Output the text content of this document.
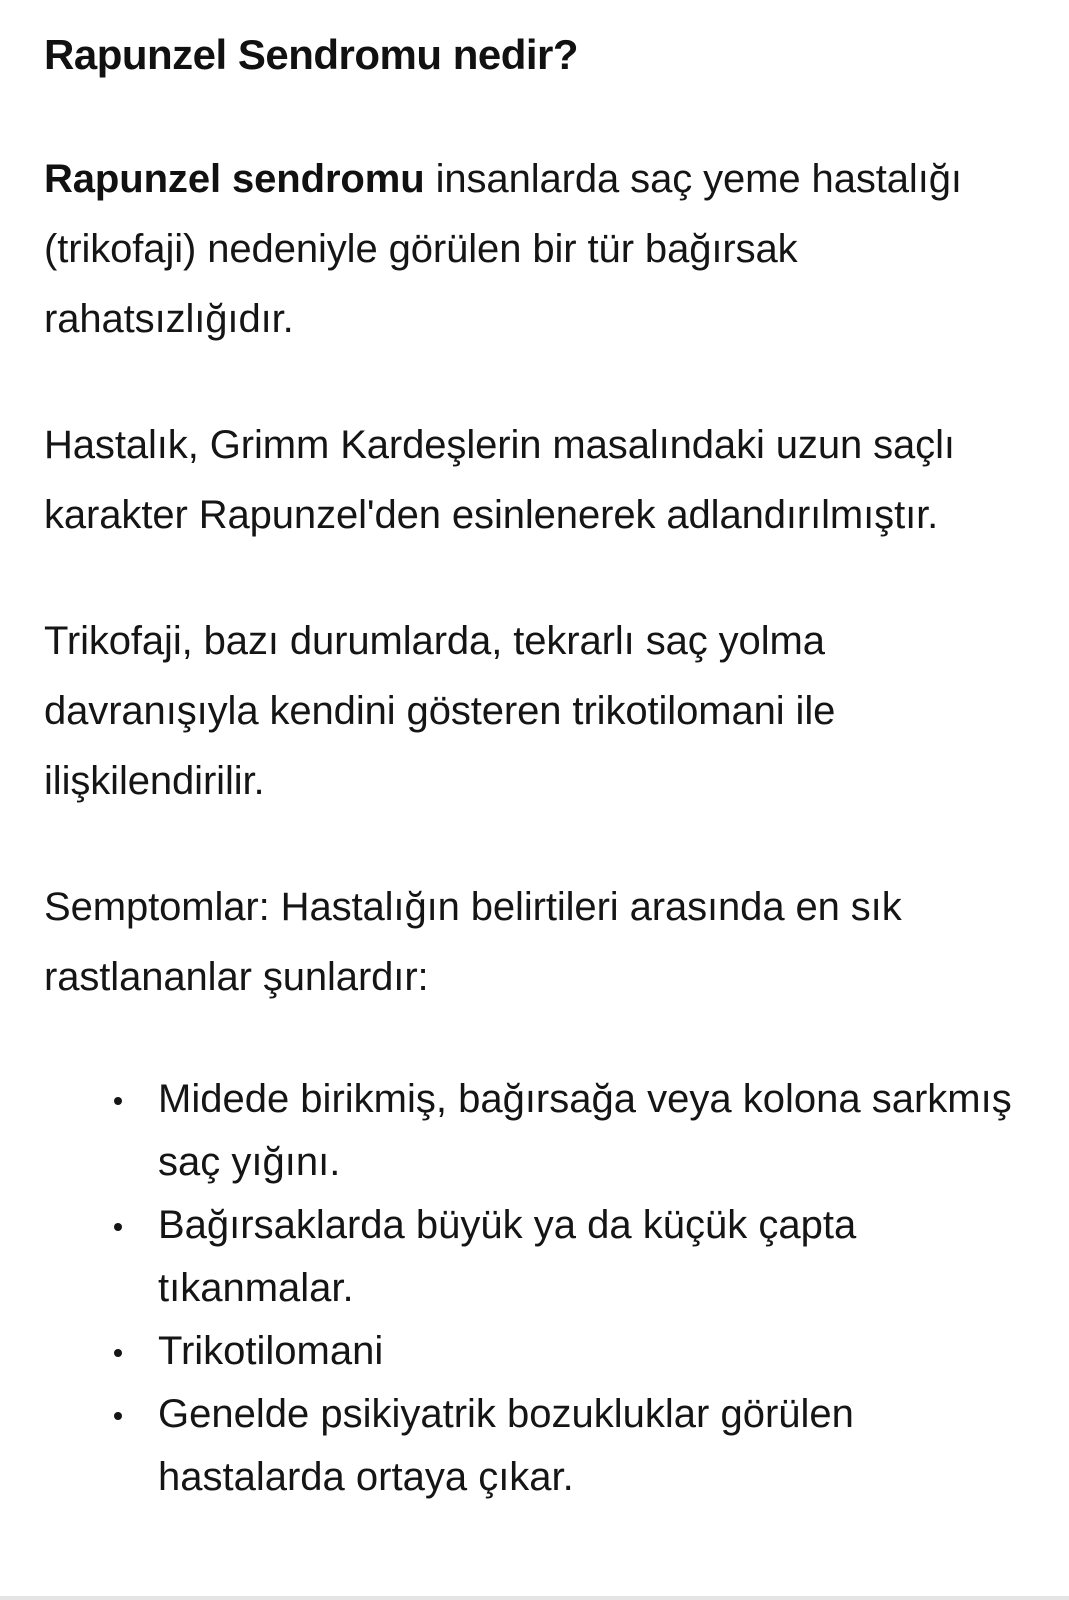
Rapunzel Sendromu nedir?

Rapunzel sendromu insanlarda saç yeme hastalığı (trikofaji) nedeniyle görülen bir tür bağırsak rahatsızlığıdır.

Hastalık, Grimm Kardeşlerin masalındaki uzun saçlı karakter Rapunzel'den esinlenerek adlandırılmıştır.

Trikofaji, bazı durumlarda, tekrarlı saç yolma davranışıyla kendini gösteren trikotilomani ile ilişkilendirilir.

Semptomlar: Hastalığın belirtileri arasında en sık rastlananlar şunlardır:

Midede birikmiş, bağırsağa veya kolona sarkmış saç yığını.
Bağırsaklarda büyük ya da küçük çapta tıkanmalar.
Trikotilomani
Genelde psikiyatrik bozukluklar görülen hastalarda ortaya çıkar.
